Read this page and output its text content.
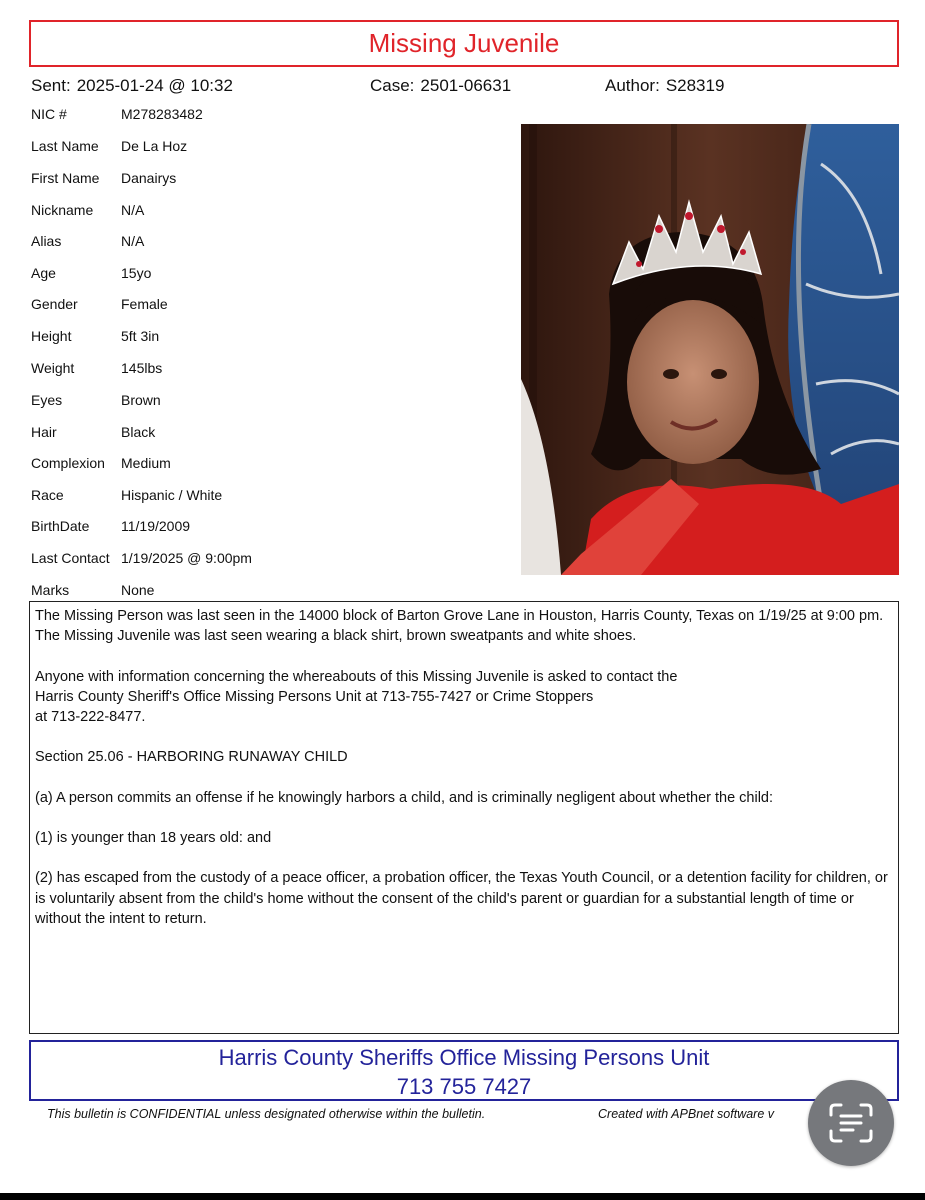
Missing Juvenile
Sent: 2025-01-24 @ 10:32	Case: 2501-06631	Author: S28319
NIC #	M278283482
Last Name De La Hoz
First Name Danairys
Nickname N/A
Alias	N/A
Age	15yo
Gender	Female
Height	5ft 3in
Weight	145lbs
Eyes	Brown
Hair	Black
Complexion Medium
Race	Hispanic / White
BirthDate 11/19/2009
Last Contact 1/19/2025 @ 9:00pm
Marks	None

The Missing Person was last seen in the 14000 block of Barton Grove Lane in Houston, Harris County, Texas on 1/19/25 at 9:00 pm. The Missing Juvenile was last seen wearing a black shirt, brown sweatpants and white shoes.

Anyone with information concerning the whereabouts of this Missing Juvenile is asked to contact the
Harris County Sheriff's Office Missing Persons Unit at 713-755-7427 or Crime Stoppers
at 713-222-8477.

Section 25.06 - HARBORING RUNAWAY CHILD

(a) A person commits an offense if he knowingly harbors a child, and is criminally negligent about whether the child:

(1) is younger than 18 years old: and

(2) has escaped from the custody of a peace officer, a probation officer, the Texas Youth Council, or a detention facility for children, or is voluntarily absent from the child's home without the consent of the child's parent or guardian for a substantial length of time or without the intent to return.

Harris County Sheriffs Office Missing Persons Unit
713 755 7427
This bulletin is CONFIDENTIAL unless designated otherwise within the bulletin.	Created with APBnet software v
